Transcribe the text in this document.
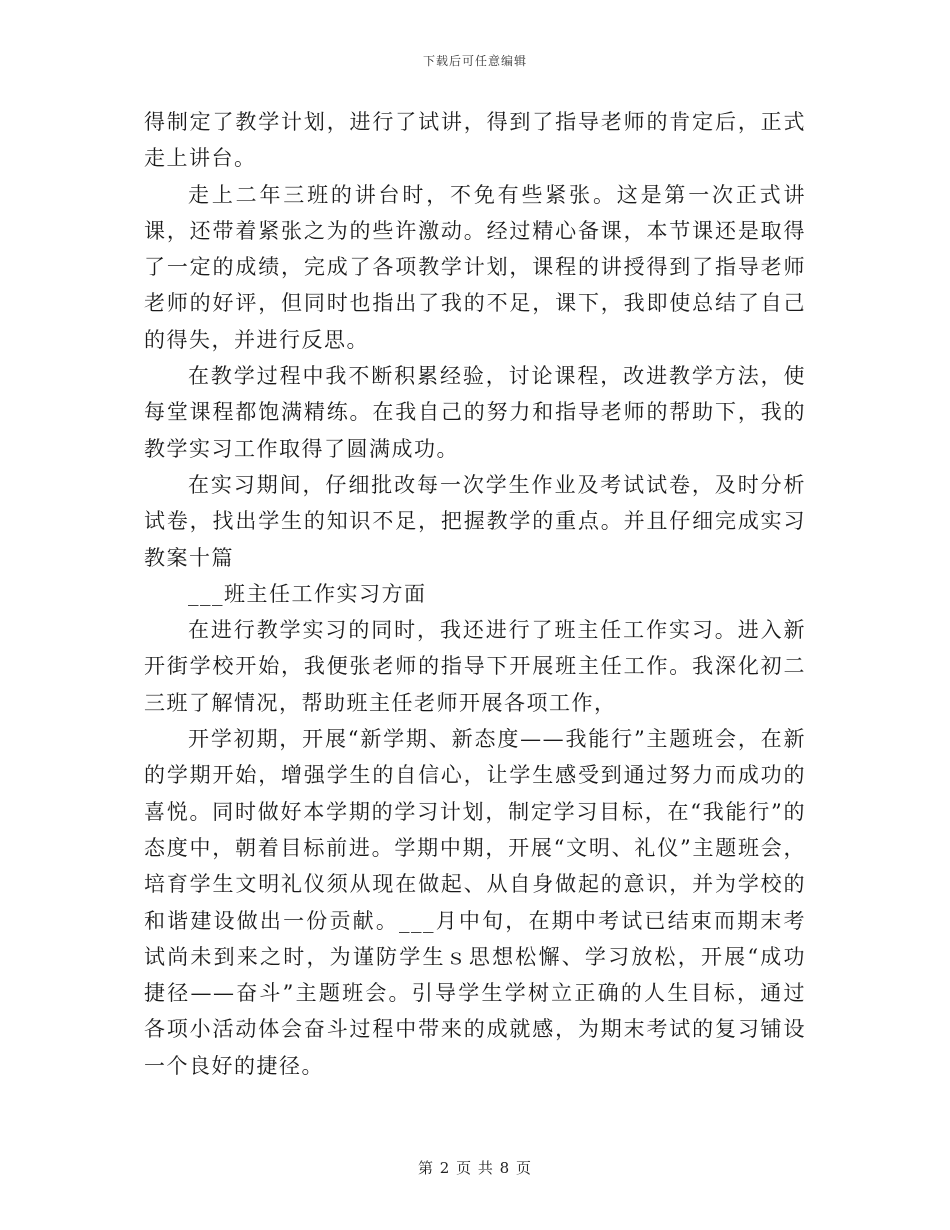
下载后可任意编辑

得制定了教学计划，进行了试讲，得到了指导老师的肯定后，正式走上讲台。

走上二年三班的讲台时，不免有些紧张。这是第一次正式讲课，还带着紧张之为的些许激动。经过精心备课，本节课还是取得了一定的成绩，完成了各项教学计划，课程的讲授得到了指导老师老师的好评，但同时也指出了我的不足，课下，我即使总结了自己的得失，并进行反思。

在教学过程中我不断积累经验，讨论课程，改进教学方法，使每堂课程都饱满精练。在我自己的努力和指导老师的帮助下，我的教学实习工作取得了圆满成功。

在实习期间，仔细批改每一次学生作业及考试试卷，及时分析试卷，找出学生的知识不足，把握教学的重点。并且仔细完成实习教案十篇

___班主任工作实习方面

在进行教学实习的同时，我还进行了班主任工作实习。进入新开街学校开始，我便张老师的指导下开展班主任工作。我深化初二三班了解情况，帮助班主任老师开展各项工作，

开学初期，开展“新学期、新态度——我能行”主题班会，在新的学期开始，增强学生的自信心，让学生感受到通过努力而成功的喜悦。同时做好本学期的学习计划，制定学习目标，在“我能行”的态度中，朝着目标前进。学期中期，开展“文明、礼仪”主题班会，培育学生文明礼仪须从现在做起、从自身做起的意识，并为学校的和谐建设做出一份贡献。___月中旬，在期中考试已结束而期末考试尚未到来之时，为谨防学生ｓ思想松懈、学习放松，开展“成功捷径——奋斗”主题班会。引导学生学树立正确的人生目标，通过各项小活动体会奋斗过程中带来的成就感，为期末考试的复习铺设一个良好的捷径。

第 2 页 共 8 页
